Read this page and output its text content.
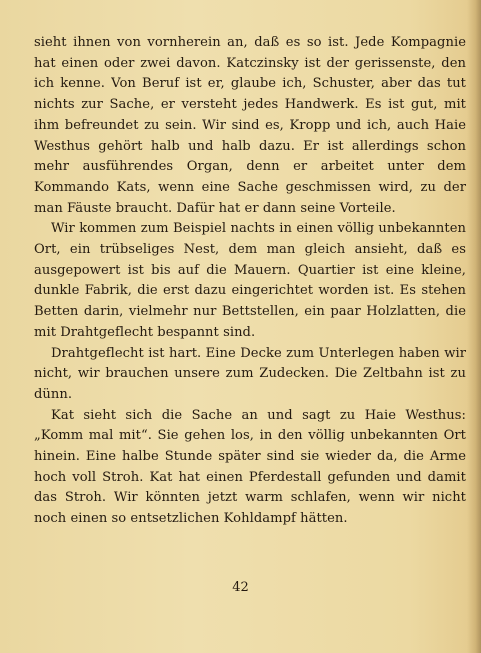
sieht ihnen von vornherein an, daß es so ist. Jede Kompagnie hat einen oder zwei davon. Katczinsky ist der gerissenste, den ich kenne. Von Beruf ist er, glaube ich, Schuster, aber das tut nichts zur Sache, er versteht jedes Handwerk. Es ist gut, mit ihm befreundet zu sein. Wir sind es, Kropp und ich, auch Haie Westhus gehört halb und halb dazu. Er ist allerdings schon mehr ausführendes Organ, denn er arbeitet unter dem Kommando Kats, wenn eine Sache geschmissen wird, zu der man Fäuste braucht. Dafür hat er dann seine Vorteile.

Wir kommen zum Beispiel nachts in einen völlig unbekannten Ort, ein trübseliges Nest, dem man gleich ansieht, daß es ausgepowert ist bis auf die Mauern. Quartier ist eine kleine, dunkle Fabrik, die erst dazu eingerichtet worden ist. Es stehen Betten darin, vielmehr nur Bettstellen, ein paar Holzlatten, die mit Drahtgeflecht bespannt sind.

Drahtgeflecht ist hart. Eine Decke zum Unterlegen haben wir nicht, wir brauchen unsere zum Zudecken. Die Zeltbahn ist zu dünn.

Kat sieht sich die Sache an und sagt zu Haie Westhus: „Komm mal mit“. Sie gehen los, in den völlig unbekannten Ort hinein. Eine halbe Stunde später sind sie wieder da, die Arme hoch voll Stroh. Kat hat einen Pferdestall gefunden und damit das Stroh. Wir könnten jetzt warm schlafen, wenn wir nicht noch einen so entsetzlichen Kohldampf hätten.

42
